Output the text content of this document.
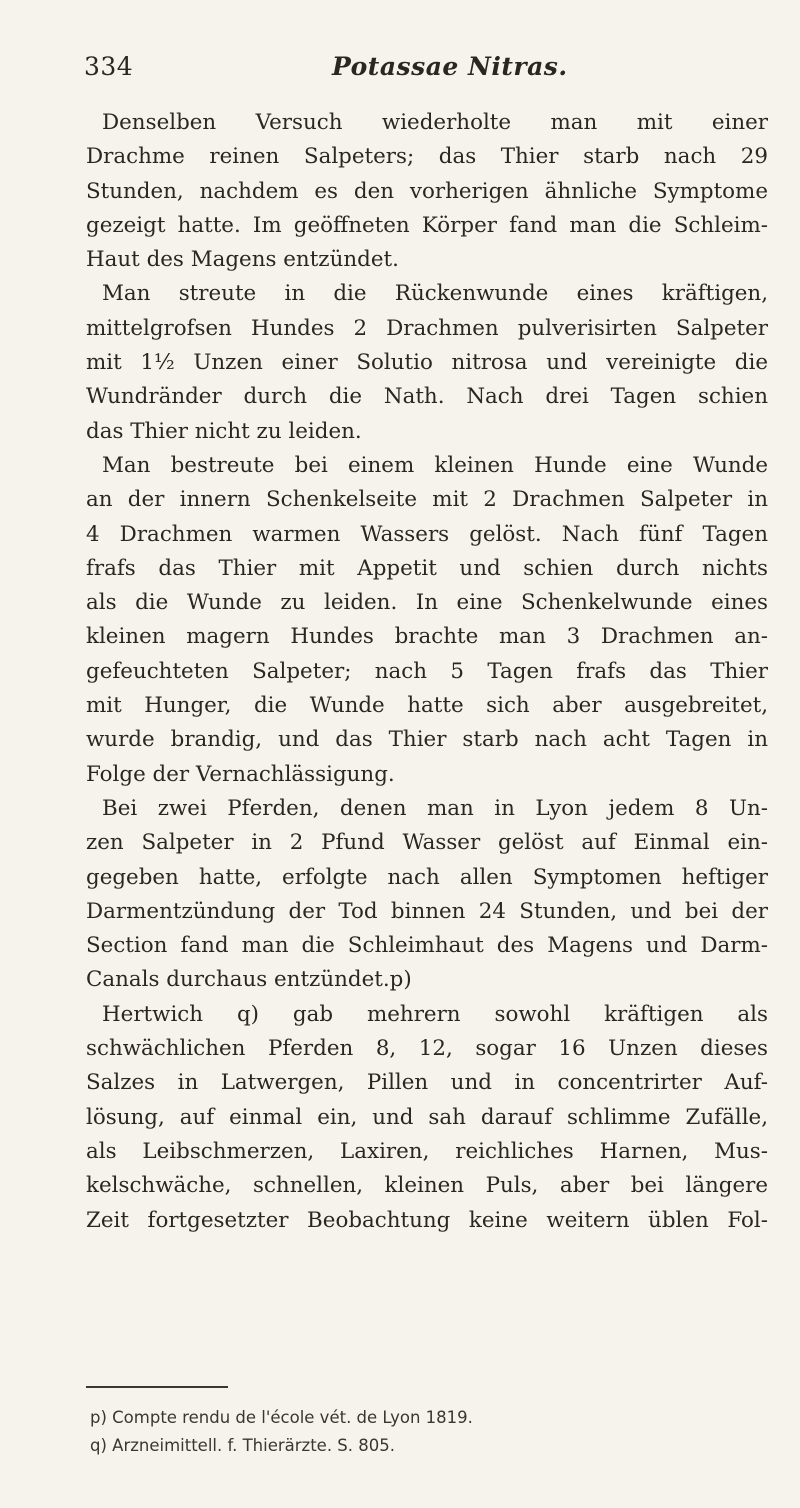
334	Potassae Nitras.
Denselben Versuch wiederholte man mit einer
Drachme reinen Salpeters; das Thier starb nach 29
Stunden, nachdem es den vorherigen ähnliche Symptome
gezeigt hatte. Im geöffneten Körper fand man die Schleim-
Haut des Magens entzündet.
Man streute in die Rückenwunde eines kräftigen,
mittelgrofsen Hundes 2 Drachmen pulverisirten Salpeter
mit 1½ Unzen einer Solutio nitrosa und vereinigte die
Wundränder durch die Nath. Nach drei Tagen schien
das Thier nicht zu leiden.
Man bestreute bei einem kleinen Hunde eine Wunde
an der innern Schenkelseite mit 2 Drachmen Salpeter in
4 Drachmen warmen Wassers gelöst. Nach fünf Tagen
frafs das Thier mit Appetit und schien durch nichts
als die Wunde zu leiden. In eine Schenkelwunde eines
kleinen magern Hundes brachte man 3 Drachmen an-
gefeuchteten Salpeter; nach 5 Tagen frafs das Thier
mit Hunger, die Wunde hatte sich aber ausgebreitet,
wurde brandig, und das Thier starb nach acht Tagen in
Folge der Vernachlässigung.
Bei zwei Pferden, denen man in Lyon jedem 8 Un-
zen Salpeter in 2 Pfund Wasser gelöst auf Einmal ein-
gegeben hatte, erfolgte nach allen Symptomen heftiger
Darmentzündung der Tod binnen 24 Stunden, und bei der
Section fand man die Schleimhaut des Magens und Darm-
Canals durchaus entzündet.p)
Hertwich q) gab mehrern sowohl kräftigen als
schwächlichen Pferden 8, 12, sogar 16 Unzen dieses
Salzes in Latwergen, Pillen und in concentrirter Auf-
lösung, auf einmal ein, und sah darauf schlimme Zufälle,
als Leibschmerzen, Laxiren, reichliches Harnen, Mus-
kelschwäche, schnellen, kleinen Puls, aber bei längere
Zeit fortgesetzter Beobachtung keine weitern üblen Fol-
p) Compte rendu de l'école vét. de Lyon 1819.
q) Arzneimittell. f. Thierärzte. S. 805.
